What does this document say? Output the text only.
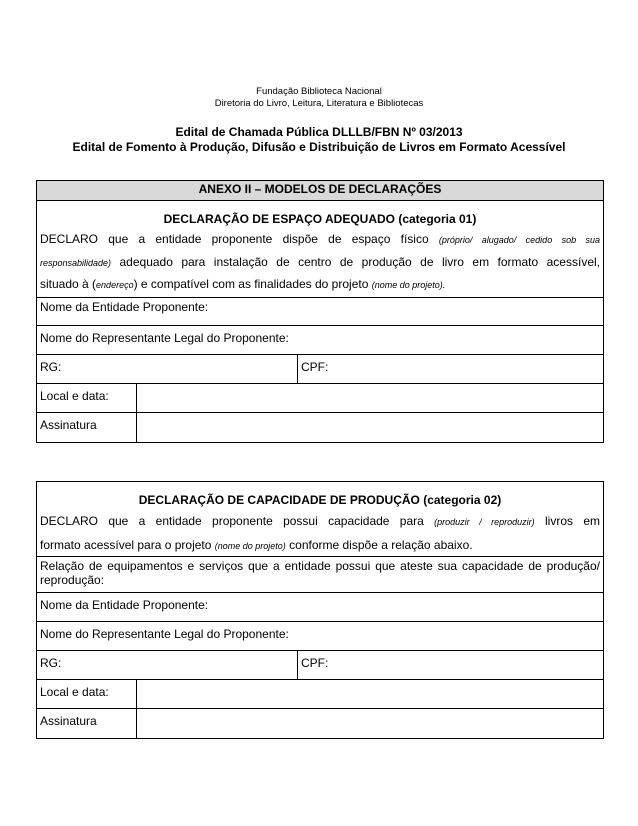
Fundação Biblioteca Nacional
Diretoria do Livro, Leitura, Literatura e Bibliotecas
Edital de Chamada Pública DLLLB/FBN Nº 03/2013
Edital de Fomento à Produção, Difusão e Distribuição de Livros em Formato Acessível
ANEXO II – MODELOS DE DECLARAÇÕES		

DECLARAÇÃO DE ESPAÇO ADEQUADO (categoria 01)
DECLARO que a entidade proponente dispõe de espaço físico (próprio/ alugado/ cedido sob sua
responsabilidade) adequado para instalação de centro de produção de livro em formato acessível,
situado à (endereço) e compatível com as finalidades do projeto (nome do projeto).		

Nome da Entidade Proponente:		
Nome do Representante Legal do Proponente:		
RG:		CPF:
Local e data:		
Assinatura		
DECLARAÇÃO DE CAPACIDADE DE PRODUÇÃO (categoria 02)
DECLARO que a entidade proponente possui capacidade para (produzir / reproduzir) livros em
formato acessível para o projeto (nome do projeto) conforme dispõe a relação abaixo.		

Relação de equipamentos e serviços que a entidade possui que ateste sua capacidade de produção/ reprodução:		
Nome da Entidade Proponente:		
Nome do Representante Legal do Proponente:		
RG:		CPF:
Local e data:		
Assinatura		
